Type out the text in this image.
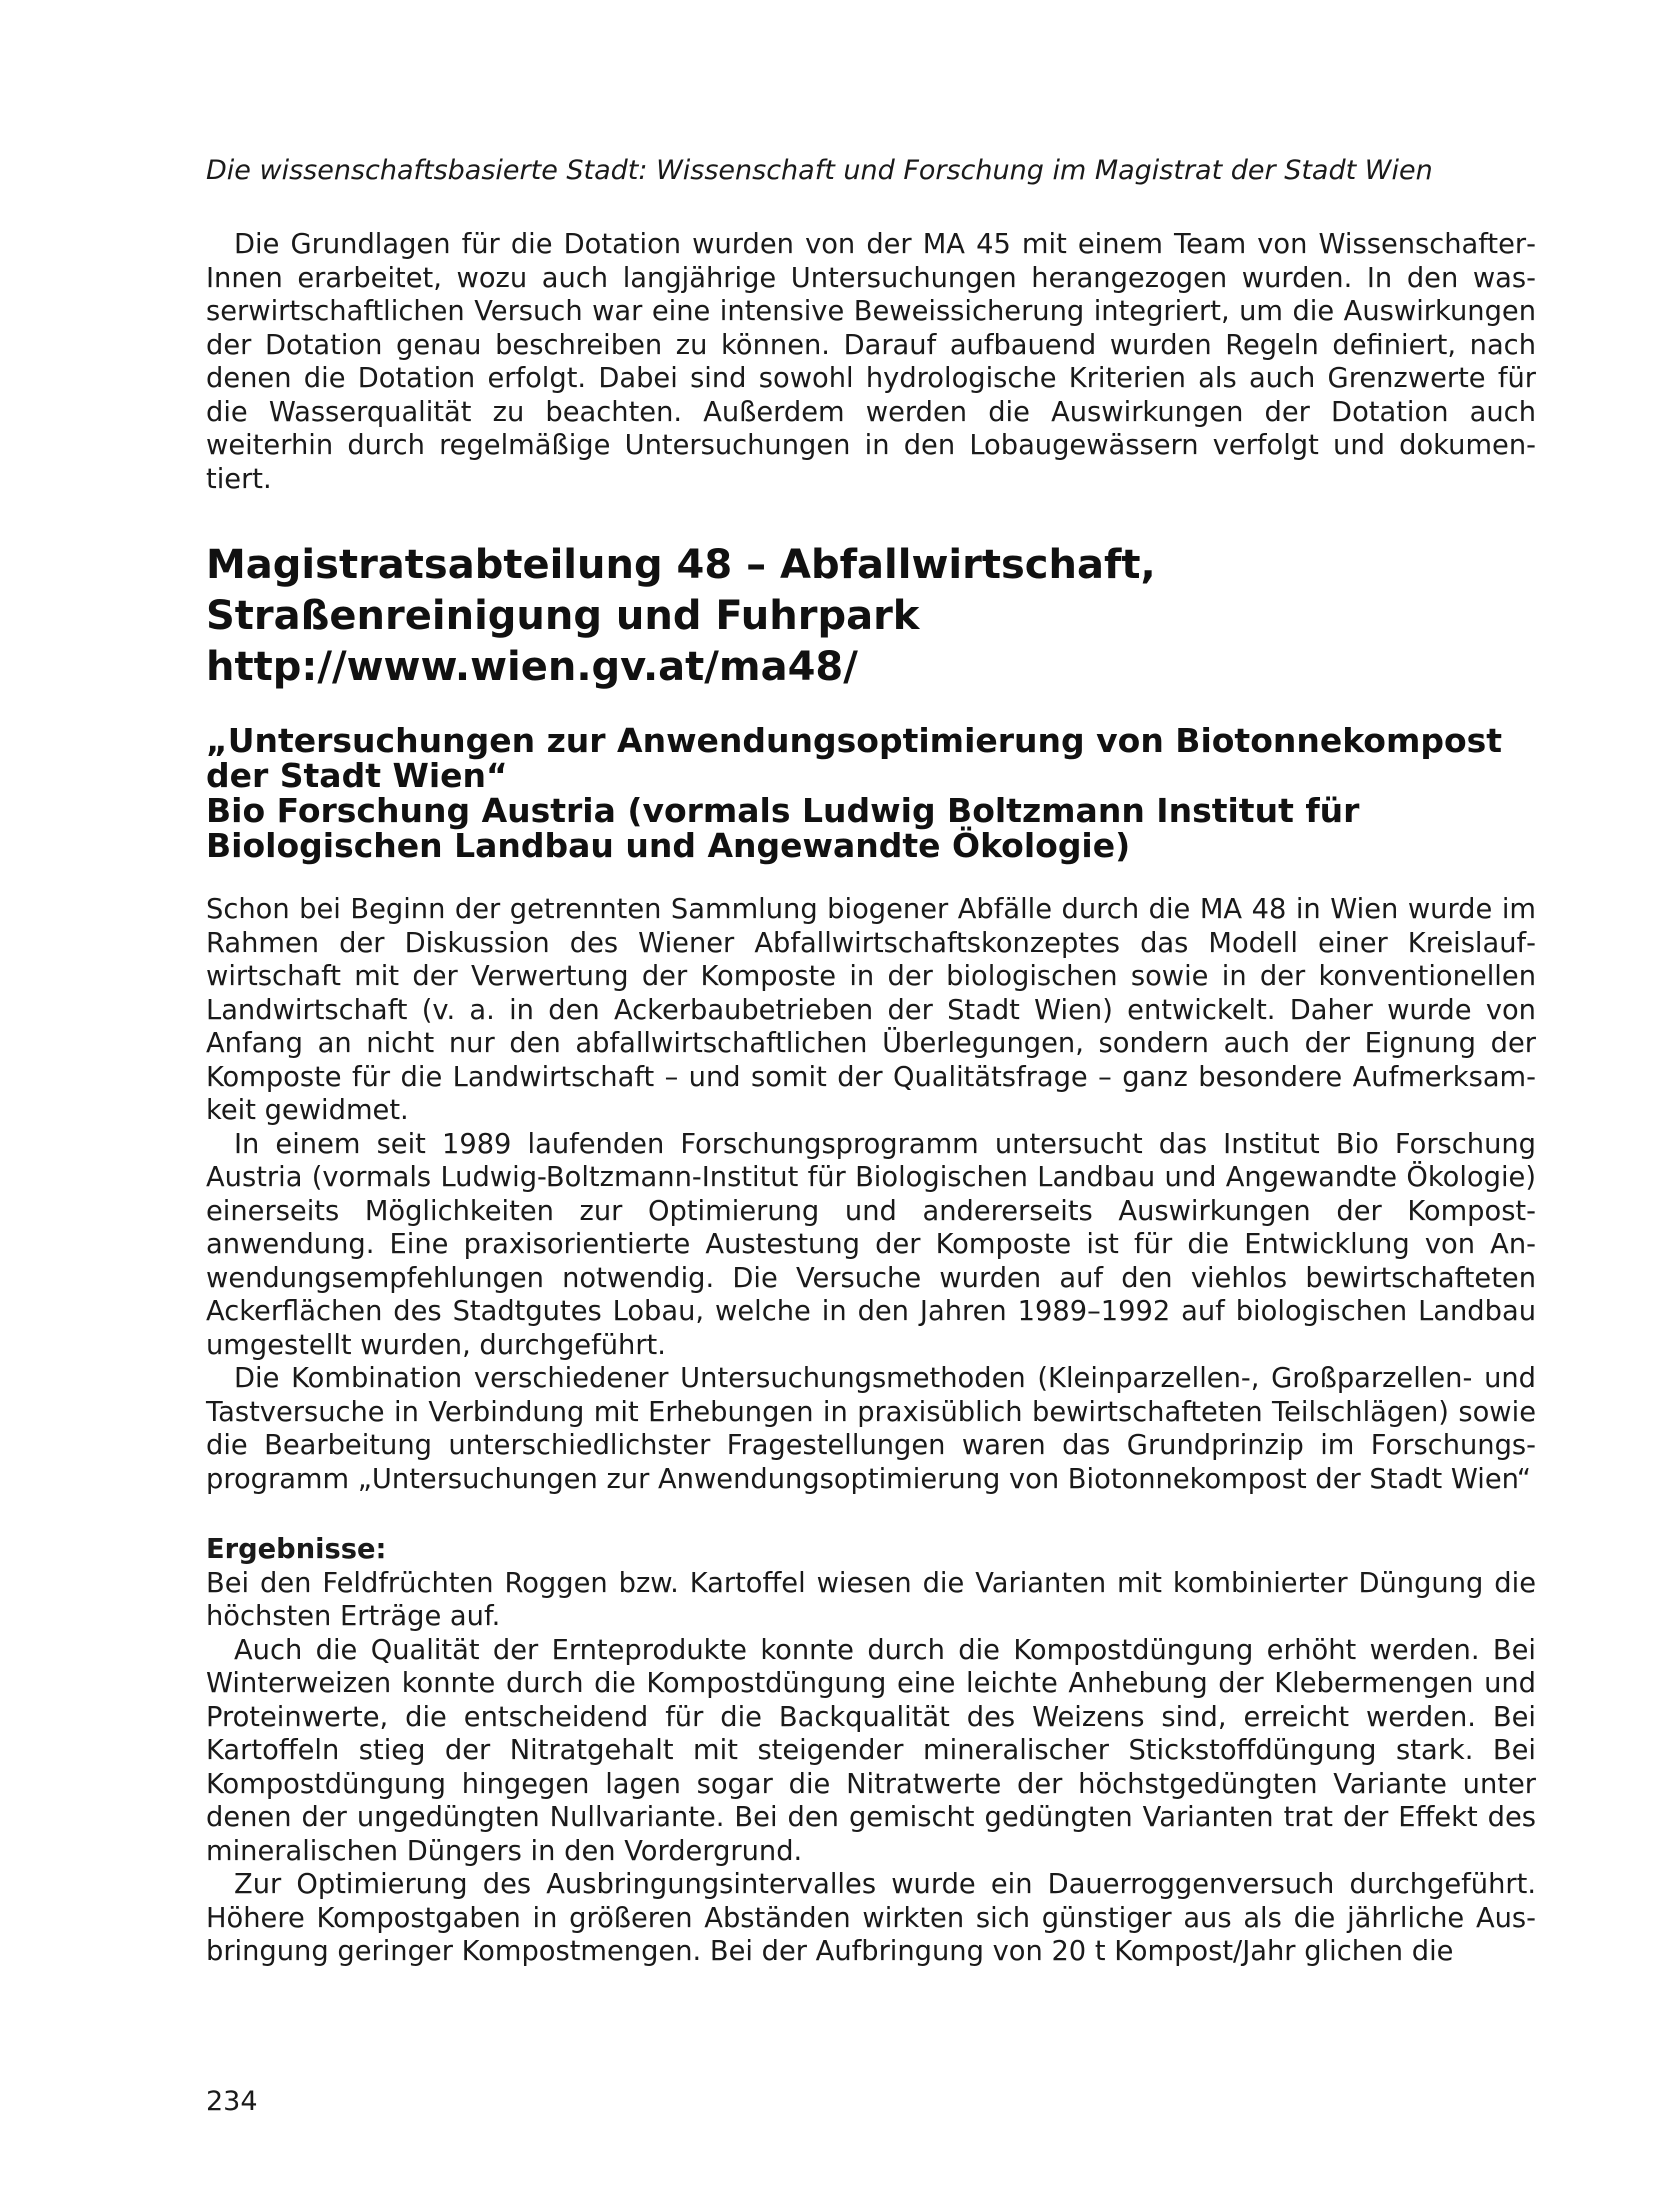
Die wissenschaftsbasierte Stadt: Wissenschaft und Forschung im Magistrat der Stadt Wien

Die Grundlagen für die Dotation wurden von der MA 45 mit einem Team von WissenschafterInnen erarbeitet, wozu auch langjährige Untersuchungen herangezogen wurden. In den wasserwirtschaftlichen Versuch war eine intensive Beweissicherung integriert, um die Auswirkungen der Dotation genau beschreiben zu können. Darauf aufbauend wurden Regeln definiert, nach denen die Dotation erfolgt. Dabei sind sowohl hydrologische Kriterien als auch Grenzwerte für die Wasserqualität zu beachten. Außerdem werden die Auswirkungen der Dotation auch weiterhin durch regelmäßige Untersuchungen in den Lobaugewässern verfolgt und dokumentiert.

Magistratsabteilung 48 – Abfallwirtschaft,
Straßenreinigung und Fuhrpark
http://www.wien.gv.at/ma48/
„Untersuchungen zur Anwendungsoptimierung von Biotonnekompost
der Stadt Wien“
Bio Forschung Austria (vormals Ludwig Boltzmann Institut für
Biologischen Landbau und Angewandte Ökologie)

Schon bei Beginn der getrennten Sammlung biogener Abfälle durch die MA 48 in Wien wurde im Rahmen der Diskussion des Wiener Abfallwirtschaftskonzeptes das Modell einer Kreislaufwirtschaft mit der Verwertung der Komposte in der biologischen sowie in der konventionellen Landwirtschaft (v. a. in den Ackerbaubetrieben der Stadt Wien) entwickelt. Daher wurde von Anfang an nicht nur den abfallwirtschaftlichen Überlegungen, sondern auch der Eignung der Komposte für die Landwirtschaft – und somit der Qualitätsfrage – ganz besondere Aufmerksamkeit gewidmet.

In einem seit 1989 laufenden Forschungsprogramm untersucht das Institut Bio Forschung Austria (vormals Ludwig-Boltzmann-Institut für Biologischen Landbau und Angewandte Ökologie) einerseits Möglichkeiten zur Optimierung und andererseits Auswirkungen der Kompostanwendung. Eine praxisorientierte Austestung der Komposte ist für die Entwicklung von Anwendungsempfehlungen notwendig. Die Versuche wurden auf den viehlos bewirtschafteten Ackerflächen des Stadtgutes Lobau, welche in den Jahren 1989–1992 auf biologischen Landbau umgestellt wurden, durchgeführt.

Die Kombination verschiedener Untersuchungsmethoden (Kleinparzellen-, Großparzellen- und Tastversuche in Verbindung mit Erhebungen in praxisüblich bewirtschafteten Teilschlägen) sowie die Bearbeitung unterschiedlichster Fragestellungen waren das Grundprinzip im Forschungsprogramm „Untersuchungen zur Anwendungsoptimierung von Biotonnekompost der Stadt Wien“

Ergebnisse:

Bei den Feldfrüchten Roggen bzw. Kartoffel wiesen die Varianten mit kombinierter Düngung die höchsten Erträge auf.

Auch die Qualität der Ernteprodukte konnte durch die Kompostdüngung erhöht werden. Bei Winterweizen konnte durch die Kompostdüngung eine leichte Anhebung der Klebermengen und Proteinwerte, die entscheidend für die Backqualität des Weizens sind, erreicht werden. Bei Kartoffeln stieg der Nitratgehalt mit steigender mineralischer Stickstoffdüngung stark. Bei Kompostdüngung hingegen lagen sogar die Nitratwerte der höchstgedüngten Variante unter denen der ungedüngten Nullvariante. Bei den gemischt gedüngten Varianten trat der Effekt des mineralischen Düngers in den Vordergrund.

Zur Optimierung des Ausbringungsintervalles wurde ein Dauerroggenversuch durchgeführt. Höhere Kompostgaben in größeren Abständen wirkten sich günstiger aus als die jährliche Ausbringung geringer Kompostmengen. Bei der Aufbringung von 20 t Kompost/Jahr glichen die

234
